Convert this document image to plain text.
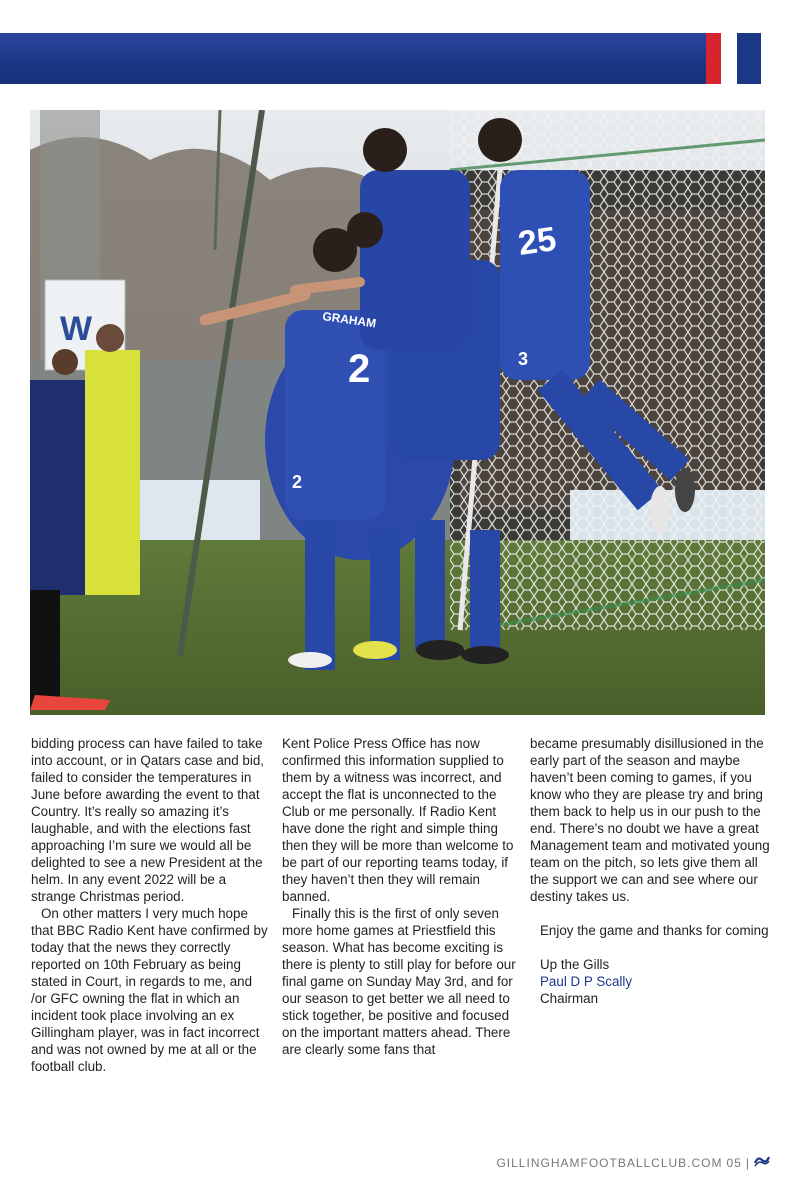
W	GRAHAM
2
25
2
3

bidding process can have failed to take into account, or in Qatars case and bid, failed to consider the temperatures in June before awarding the event to that Country. It’s really so amazing it’s laughable, and with the elections fast approaching I’m sure we would all be delighted to see a new President at the helm. In any event 2022 will be a strange Christmas period.

On other matters I very much hope that BBC Radio Kent have confirmed by today that the news they correctly reported on 10th February as being stated in Court, in regards to me, and /or GFC owning the flat in which an incident took place involving an ex Gillingham player, was in fact incorrect and was not owned by me at all or the football club.

Kent Police Press Office has now confirmed this information supplied to them by a witness was incorrect, and accept the flat is unconnected to the Club or me personally. If Radio Kent have done the right and simple thing then they will be more than welcome to be part of our reporting teams today, if they haven’t then they will remain banned.

Finally this is the first of only seven more home games at Priestfield this season. What has become exciting is there is plenty to still play for before our final game on Sunday May 3rd, and for our season to get better we all need to stick together, be positive and focused on the important matters ahead. There are clearly some fans that

became presumably disillusioned in the early part of the season and maybe haven’t been coming to games, if you know who they are please try and bring them back to help us in our push to the end. There’s no doubt we have a great Management team and motivated young team on the pitch, so lets give them all the support we can and see where our destiny takes us.

Enjoy the game and thanks for coming

Up the Gills
Paul D P Scally
Chairman
GILLINGHAMFOOTBALLCLUB.COM 05 |
